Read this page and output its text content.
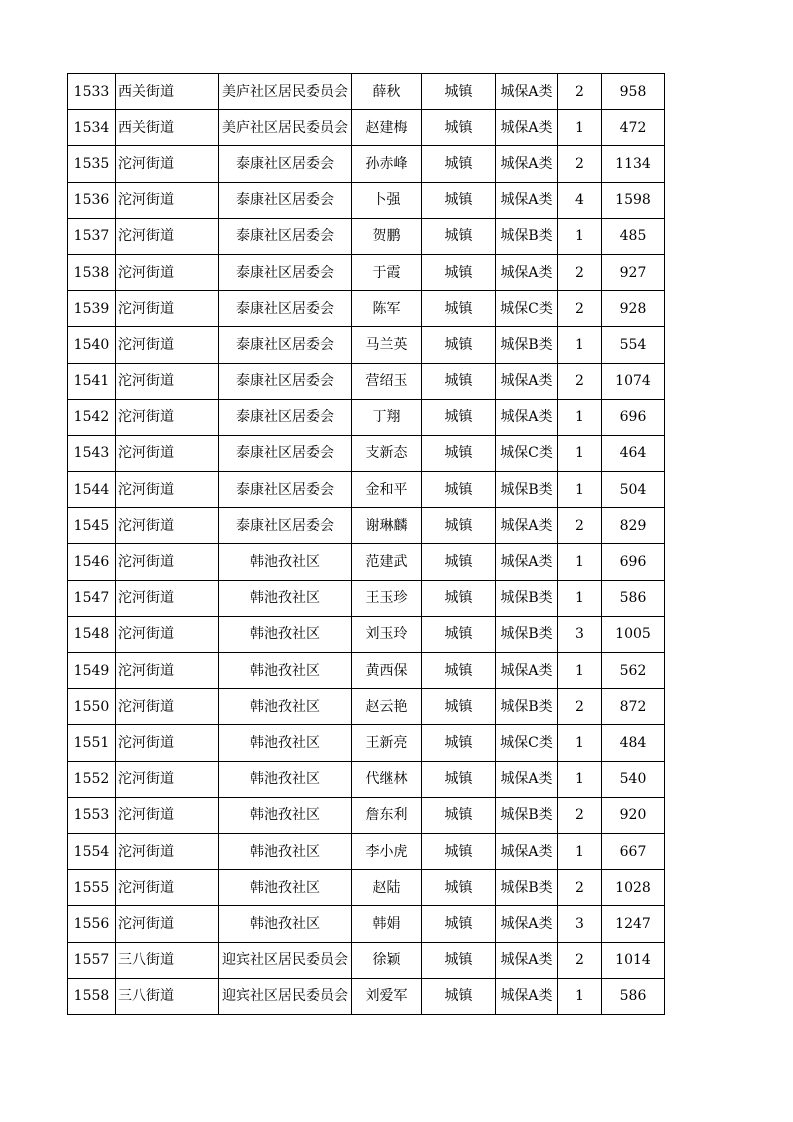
1533	西关街道	美庐社区居民委员会	薛秋	城镇	城保A类	2	958
1534	西关街道	美庐社区居民委员会	赵建梅	城镇	城保A类	1	472
1535	沱河街道	泰康社区居委会	孙赤峰	城镇	城保A类	2	1134
1536	沱河街道	泰康社区居委会	卜强	城镇	城保A类	4	1598
1537	沱河街道	泰康社区居委会	贺鹏	城镇	城保B类	1	485
1538	沱河街道	泰康社区居委会	于霞	城镇	城保A类	2	927
1539	沱河街道	泰康社区居委会	陈军	城镇	城保C类	2	928
1540	沱河街道	泰康社区居委会	马兰英	城镇	城保B类	1	554
1541	沱河街道	泰康社区居委会	营绍玉	城镇	城保A类	2	1074
1542	沱河街道	泰康社区居委会	丁翔	城镇	城保A类	1	696
1543	沱河街道	泰康社区居委会	支新态	城镇	城保C类	1	464
1544	沱河街道	泰康社区居委会	金和平	城镇	城保B类	1	504
1545	沱河街道	泰康社区居委会	谢琳麟	城镇	城保A类	2	829
1546	沱河街道	韩池孜社区	范建武	城镇	城保A类	1	696
1547	沱河街道	韩池孜社区	王玉珍	城镇	城保B类	1	586
1548	沱河街道	韩池孜社区	刘玉玲	城镇	城保B类	3	1005
1549	沱河街道	韩池孜社区	黄西保	城镇	城保A类	1	562
1550	沱河街道	韩池孜社区	赵云艳	城镇	城保B类	2	872
1551	沱河街道	韩池孜社区	王新亮	城镇	城保C类	1	484
1552	沱河街道	韩池孜社区	代继林	城镇	城保A类	1	540
1553	沱河街道	韩池孜社区	詹东利	城镇	城保B类	2	920
1554	沱河街道	韩池孜社区	李小虎	城镇	城保A类	1	667
1555	沱河街道	韩池孜社区	赵陆	城镇	城保B类	2	1028
1556	沱河街道	韩池孜社区	韩娟	城镇	城保A类	3	1247
1557	三八街道	迎宾社区居民委员会	徐颖	城镇	城保A类	2	1014
1558	三八街道	迎宾社区居民委员会	刘爱军	城镇	城保A类	1	586
